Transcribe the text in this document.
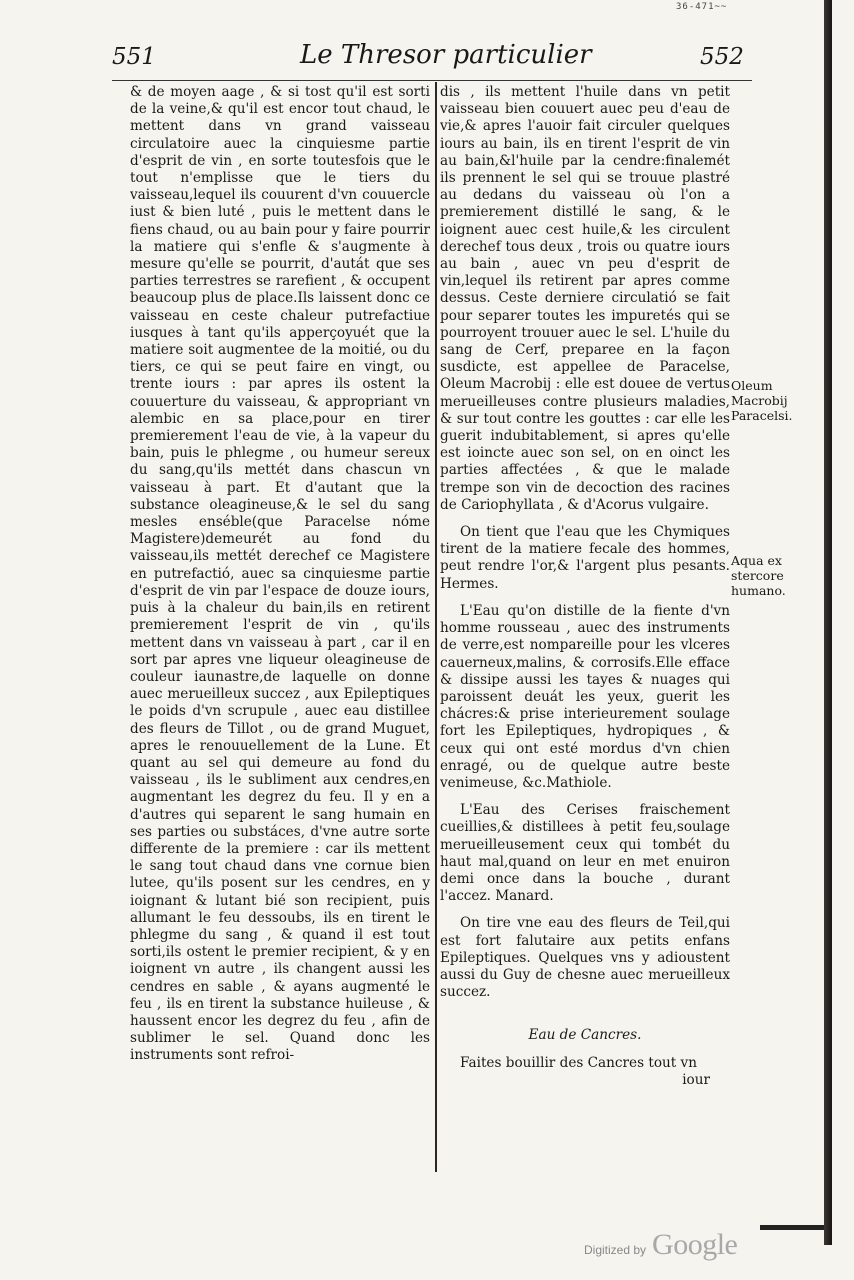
36-471~~
551	Le Thresor particulier	552

& de moyen aage , & si tost qu'il est sorti de la veine,& qu'il est encor tout chaud, le mettent dans vn grand vaisseau circulatoire auec la cinquiesme partie d'esprit de vin , en sorte toutesfois que le tout n'emplisse que le tiers du vaisseau,lequel ils couurent d'vn couuercle iust & bien luté , puis le mettent dans le fiens chaud, ou au bain pour y faire pourrir la matiere qui s'enfle & s'augmente à mesure qu'elle se pourrit, d'autát que ses parties terrestres se rarefient , & occupent beaucoup plus de place.Ils laissent donc ce vaisseau en ceste chaleur putrefactiue iusques à tant qu'ils apperçoyuét que la matiere soit augmentee de la moitié, ou du tiers, ce qui se peut faire en vingt, ou trente iours : par apres ils ostent la couuerture du vaisseau, & appropriant vn alembic en sa place,pour en tirer premierement l'eau de vie, à la vapeur du bain, puis le phlegme , ou humeur sereux du sang,qu'ils mettét dans chascun vn vaisseau à part. Et d'autant que la substance oleagineuse,& le sel du sang mesles enséble(que Paracelse nóme Magistere)demeurét au fond du vaisseau,ils mettét derechef ce Magistere en putrefactió, auec sa cinquiesme partie d'esprit de vin par l'espace de douze iours, puis à la chaleur du bain,ils en retirent premierement l'esprit de vin , qu'ils mettent dans vn vaisseau à part , car il en sort par apres vne liqueur oleagineuse de couleur iaunastre,de laquelle on donne auec merueilleux succez , aux Epileptiques le poids d'vn scrupule , auec eau distillee des fleurs de Tillot , ou de grand Muguet, apres le renouuellement de la Lune. Et quant au sel qui demeure au fond du vaisseau , ils le subliment aux cendres,en augmentant les degrez du feu. Il y en a d'autres qui separent le sang humain en ses parties ou substáces, d'vne autre sorte differente de la premiere : car ils mettent le sang tout chaud dans vne cornue bien lutee, qu'ils posent sur les cendres, en y ioignant & lutant bié son recipient, puis allumant le feu dessoubs, ils en tirent le phlegme du sang , & quand il est tout sorti,ils ostent le premier recipient, & y en ioignent vn autre , ils changent aussi les cendres en sable , & ayans augmenté le feu , ils en tirent la substance huileuse , & haussent encor les degrez du feu , afin de sublimer le sel. Quand donc les instruments sont refroi-

dis , ils mettent l'huile dans vn petit vaisseau bien couuert auec peu d'eau de vie,& apres l'auoir fait circuler quelques iours au bain, ils en tirent l'esprit de vin au bain,&l'huile par la cendre:finalemét ils prennent le sel qui se trouue plastré au dedans du vaisseau où l'on a premierement distillé le sang, & le ioignent auec cest huile,& les circulent derechef tous deux , trois ou quatre iours au bain , auec vn peu d'esprit de vin,lequel ils retirent par apres comme dessus. Ceste derniere circulatió se fait pour separer toutes les impuretés qui se pourroyent trouuer auec le sel. L'huile du sang de Cerf, preparee en la façon susdicte, est appellee de Paracelse, Oleum Macrobij : elle est douee de vertus merueilleuses contre plusieurs maladies, & sur tout contre les gouttes : car elle les guerit indubitablement, si apres qu'elle est ioincte auec son sel, on en oinct les parties affectées , & que le malade trempe son vin de decoction des racines de Cariophyllata , & d'Acorus vulgaire.

On tient que l'eau que les Chymiques tirent de la matiere fecale des hommes, peut rendre l'or,& l'argent plus pesants. Hermes.

L'Eau qu'on distille de la fiente d'vn homme rousseau , auec des instruments de verre,est nompareille pour les vlceres cauerneux,malins, & corrosifs.Elle efface & dissipe aussi les tayes & nuages qui paroissent deuát les yeux, guerit les chácres:& prise interieurement soulage fort les Epileptiques, hydropiques , & ceux qui ont esté mordus d'vn chien enragé, ou de quelque autre beste venimeuse, &c.Mathiole.

L'Eau des Cerises fraischement cueillies,& distillees à petit feu,soulage merueilleusement ceux qui tombét du haut mal,quand on leur en met enuiron demi once dans la bouche , durant l'accez. Manard.

On tire vne eau des fleurs de Teil,qui est fort falutaire aux petits enfans Epileptiques. Quelques vns y adioustent aussi du Guy de chesne auec merueilleux succez.

Eau de Cancres.

Faites bouillir des Cancres tout vn

iour

Oleum Macrobij Paracelsi.
Aqua ex stercore humano.
Digitized by Google
